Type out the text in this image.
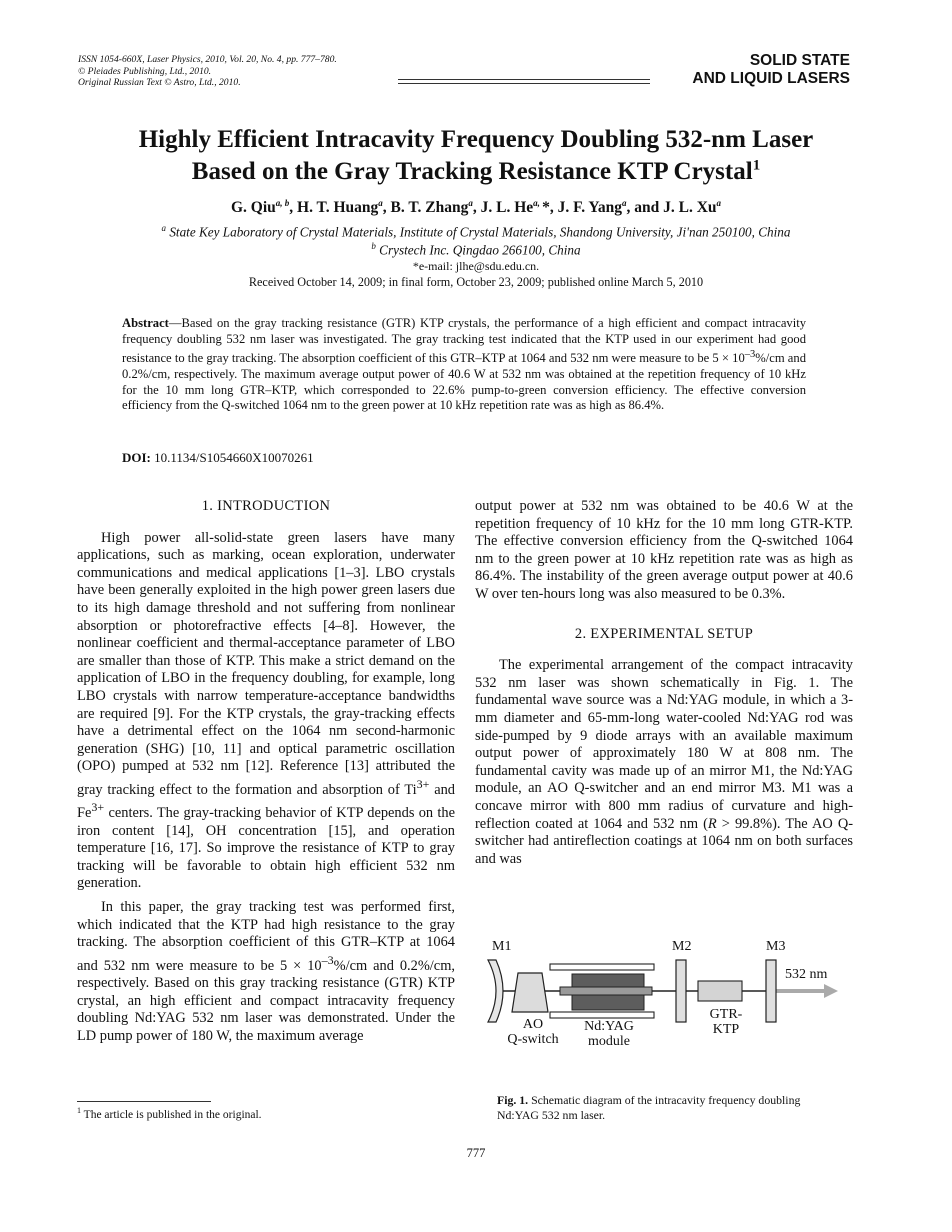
ISSN 1054-660X, Laser Physics, 2010, Vol. 20, No. 4, pp. 777–780.
© Pleiades Publishing, Ltd., 2010.
Original Russian Text © Astro, Ltd., 2010.
SOLID STATE
AND LIQUID LASERS
Highly Efficient Intracavity Frequency Doubling 532-nm Laser
Based on the Gray Tracking Resistance KTP Crystal$^1$
G. Qiu$^{a, b}$, H. T. Huang$^a$, B. T. Zhang$^a$, J. L. $He^{a,}$ *, J. F. Yang$^a$, and J. L. Xu$^a$
$^a$ State Key Laboratory of Crystal Materials, Institute of Crystal Materials, Shandong University, Ji'nan 250100, China
$^b$ Crystech Inc. Qingdao 266100, China
*e-mail: jlhe@sdu.edu.cn.
Received October 14, 2009; in final form, October 23, 2009; published online March 5, 2010

Abstract—Based on the gray tracking resistance (GTR) KTP crystals, the performance of a high efficient and compact intracavity frequency doubling 532 nm laser was investigated. The gray tracking test indicated that the KTP used in our experiment had good resistance to the gray tracking. The absorption coefficient of this GTR–KTP at 1064 and 532 nm were measure to be $5 \times 10^{-3}\%/cm$ and 0.2%/cm, respectively. The maximum average output power of 40.6 W at 532 nm was obtained at the repetition frequency of 10 kHz for the 10 mm long GTR–KTP, which corresponded to 22.6% pump-to-green conversion efficiency. The effective conversion efficiency from the Q-switched 1064 nm to the green power at 10 kHz repetition rate was as high as 86.4%.

DOI: 10.1134/S1054660X10070261
1. INTRODUCTION

High power all-solid-state green lasers have many applications, such as marking, ocean exploration, underwater communications and medical applications [1–3]. LBO crystals have been generally exploited in the high power green lasers due to its high damage threshold and not suffering from nonlinear absorption or photorefractive effects [4–8]. However, the nonlinear coefficient and thermal-acceptance parameter of LBO are smaller than those of KTP. This make a strict demand on the application of LBO in the frequency doubling, for example, long LBO crystals with narrow temperature-acceptance bandwidths are required [9]. For the KTP crystals, the gray-tracking effects have a detrimental effect on the 1064 nm second-harmonic generation (SHG) [10, 11] and optical parametric oscillation (OPO) pumped at 532 nm [12]. Reference [13] attributed the gray tracking effect to the formation and absorption of $Ti^{3+}$ and $Fe^{3+}$ centers. The gray-tracking behavior of KTP depends on the iron content [14], OH concentration [15], and operation temperature [16, 17]. So improve the resistance of KTP to gray tracking will be favorable to obtain high efficient 532 nm generation.

In this paper, the gray tracking test was performed first, which indicated that the KTP had high resistance to the gray tracking. The absorption coefficient of this GTR–KTP at 1064 and 532 nm were measure to be $5 \times 10^{-3}\%/cm$ and 0.2%/cm, respectively. Based on this gray tracking resistance (GTR) KTP crystal, an high efficient and compact intracavity frequency doubling Nd:YAG 532 nm laser was demonstrated. Under the LD pump power of 180 W, the maximum average

output power at 532 nm was obtained to be 40.6 W at the repetition frequency of 10 kHz for the 10 mm long GTR-KTP. The effective conversion efficiency from the Q-switched 1064 nm to the green power at 10 kHz repetition rate was as high as 86.4%. The instability of the green average output power at 40.6 W over ten-hours long was also measured to be 0.3%.

2. EXPERIMENTAL SETUP

The experimental arrangement of the compact intracavity 532 nm laser was shown schematically in Fig. 1. The fundamental wave source was a Nd:YAG module, in which a 3-mm diameter and 65-mm-long water-cooled Nd:YAG rod was side-pumped by 9 diode arrays with an available maximum output power of approximately 180 W at 808 nm. The fundamental cavity was made up of an mirror M1, the Nd:YAG module, an AO Q-switcher and an end mirror M3. M1 was a concave mirror with 800 mm radius of curvature and high-reflection coated at 1064 and 532 nm (R > 99.8%). The AO Q-switcher had antireflection coatings at 1064 nm on both surfaces and was

M1	M2	M3
532 nm
AO
Q-switch
Nd:YAG
module
GTR-
KTP
Fig. 1. Schematic diagram of the intracavity frequency doubling Nd:YAG 532 nm laser.
$^1$ The article is published in the original.
777
